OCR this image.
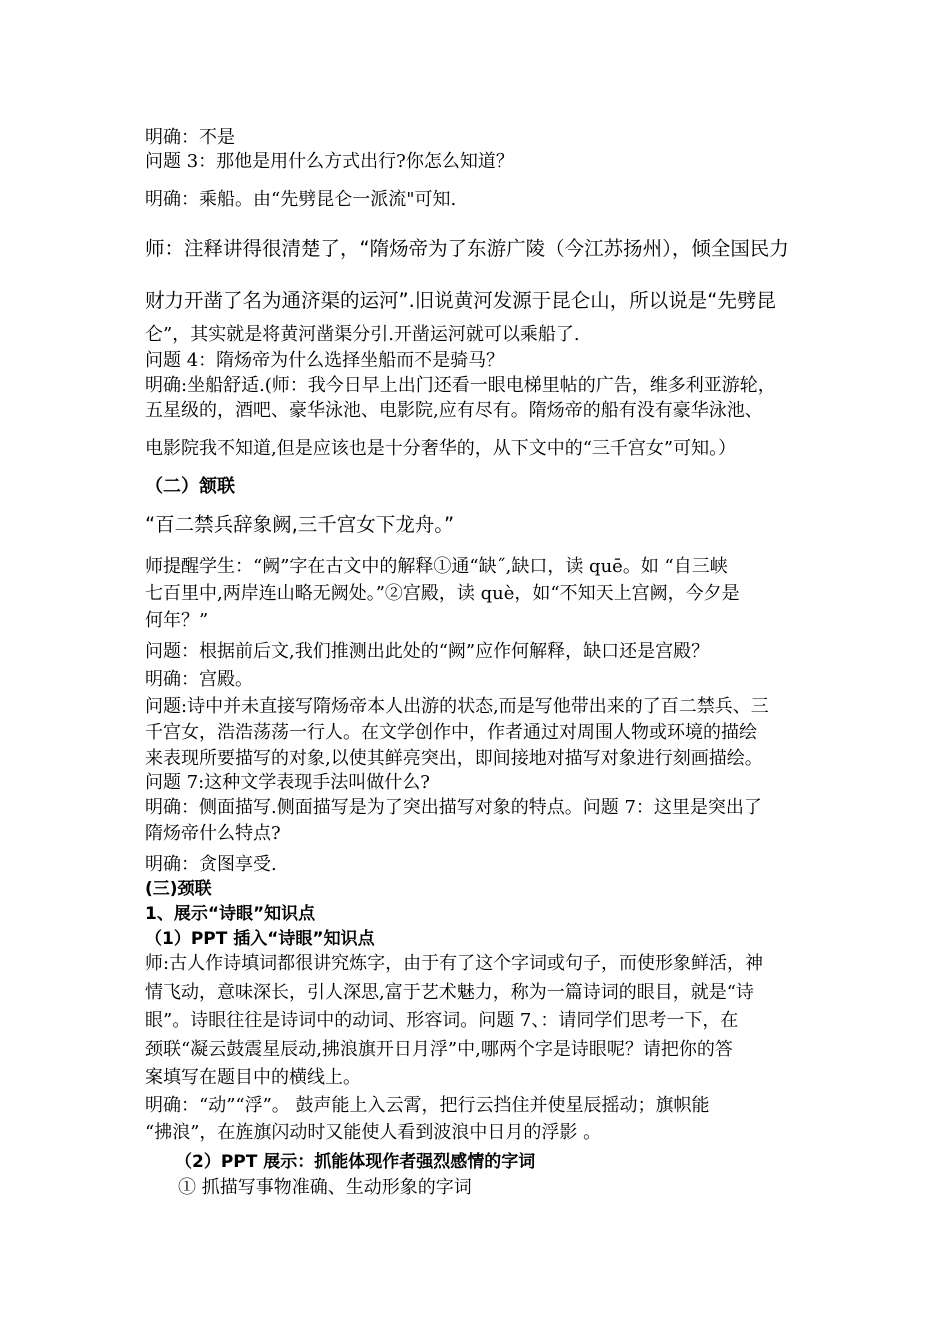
明确：不是
问题 3：那他是用什么方式出行?你怎么知道？
明确：乘船。由“先劈昆仑一派流"可知.
师：注释讲得很清楚了，“隋炀帝为了东游广陵（今江苏扬州），倾全国民力
财力开凿了名为通济渠的运河”.旧说黄河发源于昆仑山，所以说是“先劈昆
仑”，其实就是将黄河凿渠分引.开凿运河就可以乘船了.
问题 4：隋炀帝为什么选择坐船而不是骑马？
明确:坐船舒适.(师：我今日早上出门还看一眼电梯里帖的广告，维多利亚游轮，
五星级的，酒吧、豪华泳池、电影院,应有尽有。隋炀帝的船有没有豪华泳池、
电影院我不知道,但是应该也是十分奢华的，从下文中的“三千宫女”可知。）
（二）颔联
“百二禁兵辞象阙,三千宫女下龙舟。”
师提醒学生：“阙”字在古文中的解释①通“缺˝,缺口，读 quē。如 “自三峡
七百里中,两岸连山略无阙处。”②宫殿，读 què，如“不知天上宫阙，今夕是
何年？”
问题：根据前后文,我们推测出此处的“阙”应作何解释，缺口还是宫殿？
明确：宫殿。
问题:诗中并未直接写隋炀帝本人出游的状态,而是写他带出来的了百二禁兵、三
千宫女，浩浩荡荡一行人。在文学创作中，作者通过对周围人物或环境的描绘
来表现所要描写的对象,以使其鲜亮突出，即间接地对描写对象进行刻画描绘。
问题 7:这种文学表现手法叫做什么?
明确：侧面描写.侧面描写是为了突出描写对象的特点。问题 7：这里是突出了
隋炀帝什么特点?
明确：贪图享受.
(三)颈联
1、展示“诗眼”知识点
（1）PPT 插入“诗眼”知识点
师:古人作诗填词都很讲究炼字，由于有了这个字词或句子，而使形象鲜活，神
情飞动，意味深长，引人深思,富于艺术魅力，称为一篇诗词的眼目，就是“诗
眼”。诗眼往往是诗词中的动词、形容词。问题 7、：请同学们思考一下，在
颈联“凝云鼓震星辰动,拂浪旗开日月浮”中,哪两个字是诗眼呢？请把你的答
案填写在题目中的横线上。
明确：“动”“浮”。 鼓声能上入云霄，把行云挡住并使星辰摇动；旗帜能
“拂浪”，在旌旗闪动时又能使人看到波浪中日月的浮影 。
（2）PPT 展示：抓能体现作者强烈感情的字词
① 抓描写事物准确、生动形象的字词
